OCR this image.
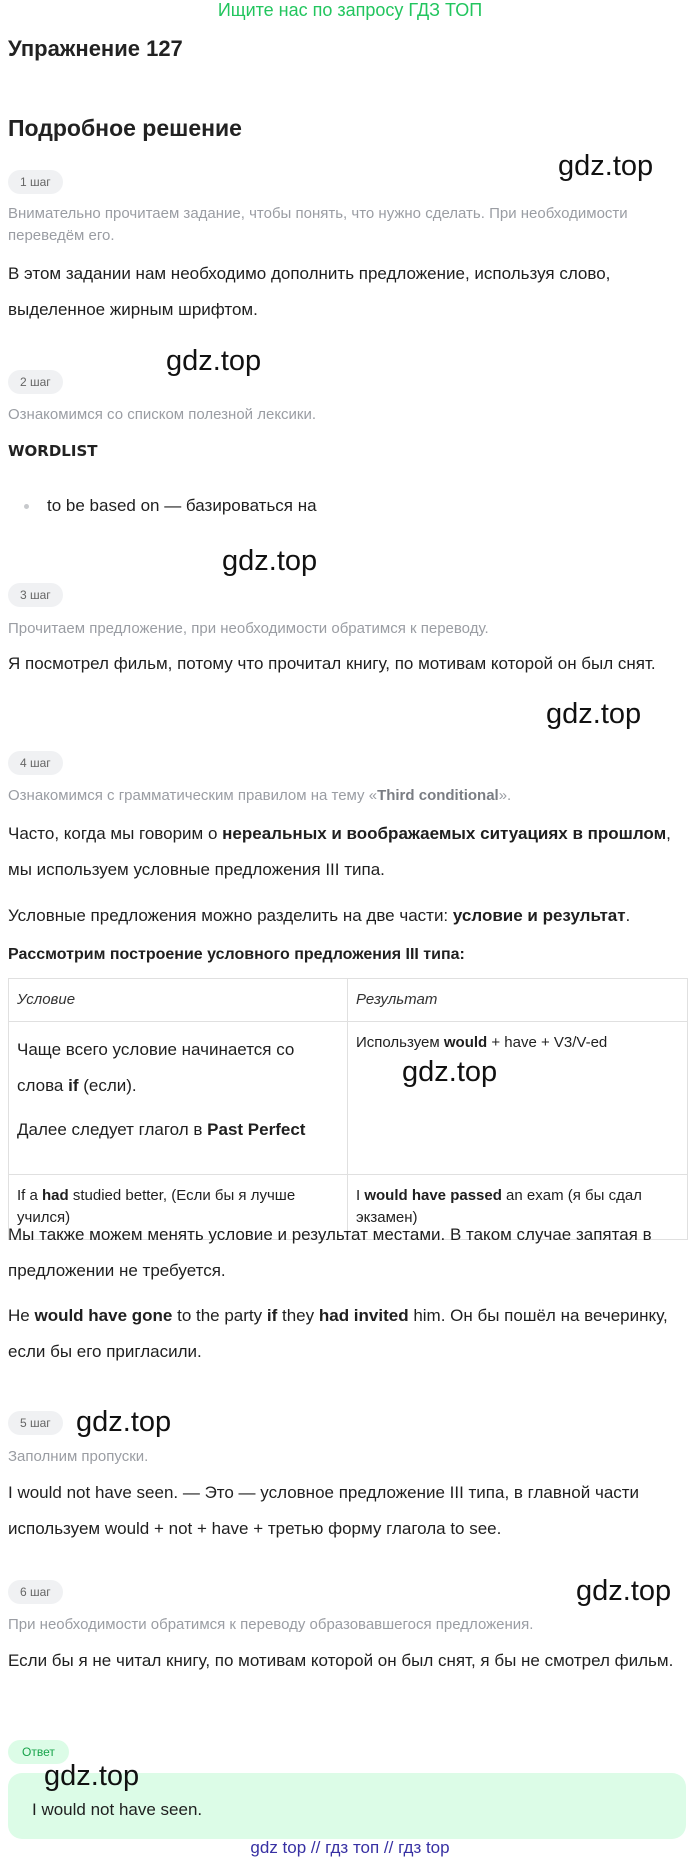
Ищите нас по запросу ГДЗ ТОП
Упражнение 127
Подробное решение
1 шаг	gdz.top
Внимательно прочитаем задание, чтобы понять, что нужно сделать. При необходимости переведём его.
В этом задании нам необходимо дополнить предложение, используя слово, выделенное жирным шрифтом.
gdz.top
2 шаг
Ознакомимся со списком полезной лексики.
WORDLIST
to be based on — базироваться на
gdz.top
3 шаг
Прочитаем предложение, при необходимости обратимся к переводу.
Я посмотрел фильм, потому что прочитал книгу, по мотивам которой он был снят.
gdz.top
4 шаг
Ознакомимся с грамматическим правилом на тему «Third conditional».
Часто, когда мы говорим о нереальных и воображаемых ситуациях в прошлом, мы используем условные предложения III типа.
Условные предложения можно разделить на две части: условие и результат.
Рассмотрим построение условного предложения III типа:
Условие	Результат

Чаще всего условие начинается со слова if (если).
Далее следует глагол в Past Perfect	Используем would + have + V3/V-ed
If a had studied better, (Если бы я лучше учился)	I would have passed an exam (я бы сдал экзамен)
gdz.top
Мы также можем менять условие и результат местами. В таком случае запятая в предложении не требуется.
He would have gone to the party if they had invited him. Он бы пошёл на вечеринку, если бы его пригласили.
5 шаг gdz.top
Заполним пропуски.
I would not have seen. — Это — условное предложение III типа, в главной части используем would + not + have + третью форму глагола to see.
6 шаг	gdz.top
При необходимости обратимся к переводу образовавшегося предложения.
Если бы я не читал книгу, по мотивам которой он был снят, я бы не смотрел фильм.
Ответ
gdz.top
I would not have seen.
gdz top // гдз топ // гдз top
